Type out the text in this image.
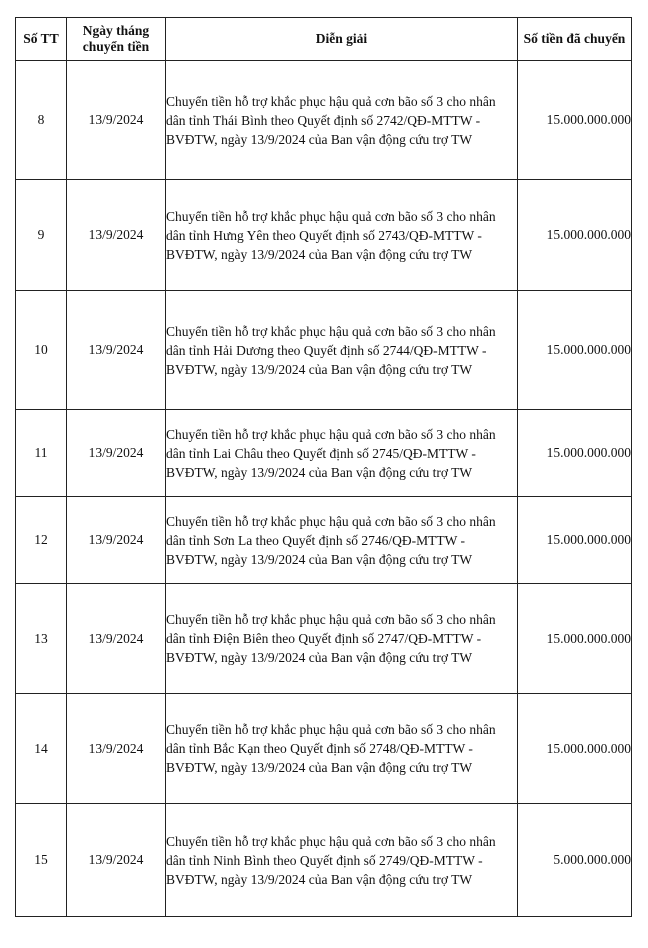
Số TT	Ngày tháng chuyển tiền	Diễn giải	Số tiền đã chuyển
8	13/9/2024	Chuyển tiền hỗ trợ khắc phục hậu quả cơn bão số 3 cho nhân dân tỉnh Thái Bình theo Quyết định số 2742/QĐ-MTTW - BVĐTW, ngày 13/9/2024 của Ban vận động cứu trợ TW	15.000.000.000
9	13/9/2024	Chuyển tiền hỗ trợ khắc phục hậu quả cơn bão số 3 cho nhân dân tỉnh Hưng Yên theo Quyết định số 2743/QĐ-MTTW - BVĐTW, ngày 13/9/2024 của Ban vận động cứu trợ TW	15.000.000.000
10	13/9/2024	Chuyển tiền hỗ trợ khắc phục hậu quả cơn bão số 3 cho nhân dân tỉnh Hải Dương theo Quyết định số 2744/QĐ-MTTW - BVĐTW, ngày 13/9/2024 của Ban vận động cứu trợ TW	15.000.000.000
11	13/9/2024	Chuyển tiền hỗ trợ khắc phục hậu quả cơn bão số 3 cho nhân dân tỉnh Lai Châu theo Quyết định số 2745/QĐ-MTTW - BVĐTW, ngày 13/9/2024 của Ban vận động cứu trợ TW	15.000.000.000
12	13/9/2024	Chuyển tiền hỗ trợ khắc phục hậu quả cơn bão số 3 cho nhân dân tỉnh Sơn La theo Quyết định số 2746/QĐ-MTTW - BVĐTW, ngày 13/9/2024 của Ban vận động cứu trợ TW	15.000.000.000
13	13/9/2024	Chuyển tiền hỗ trợ khắc phục hậu quả cơn bão số 3 cho nhân dân tỉnh Điện Biên theo Quyết định số 2747/QĐ-MTTW - BVĐTW, ngày 13/9/2024 của Ban vận động cứu trợ TW	15.000.000.000
14	13/9/2024	Chuyển tiền hỗ trợ khắc phục hậu quả cơn bão số 3 cho nhân dân tỉnh Bắc Kạn theo Quyết định số 2748/QĐ-MTTW - BVĐTW, ngày 13/9/2024 của Ban vận động cứu trợ TW	15.000.000.000
15	13/9/2024	Chuyển tiền hỗ trợ khắc phục hậu quả cơn bão số 3 cho nhân dân tỉnh Ninh Bình theo Quyết định số 2749/QĐ-MTTW - BVĐTW, ngày 13/9/2024 của Ban vận động cứu trợ TW	5.000.000.000
